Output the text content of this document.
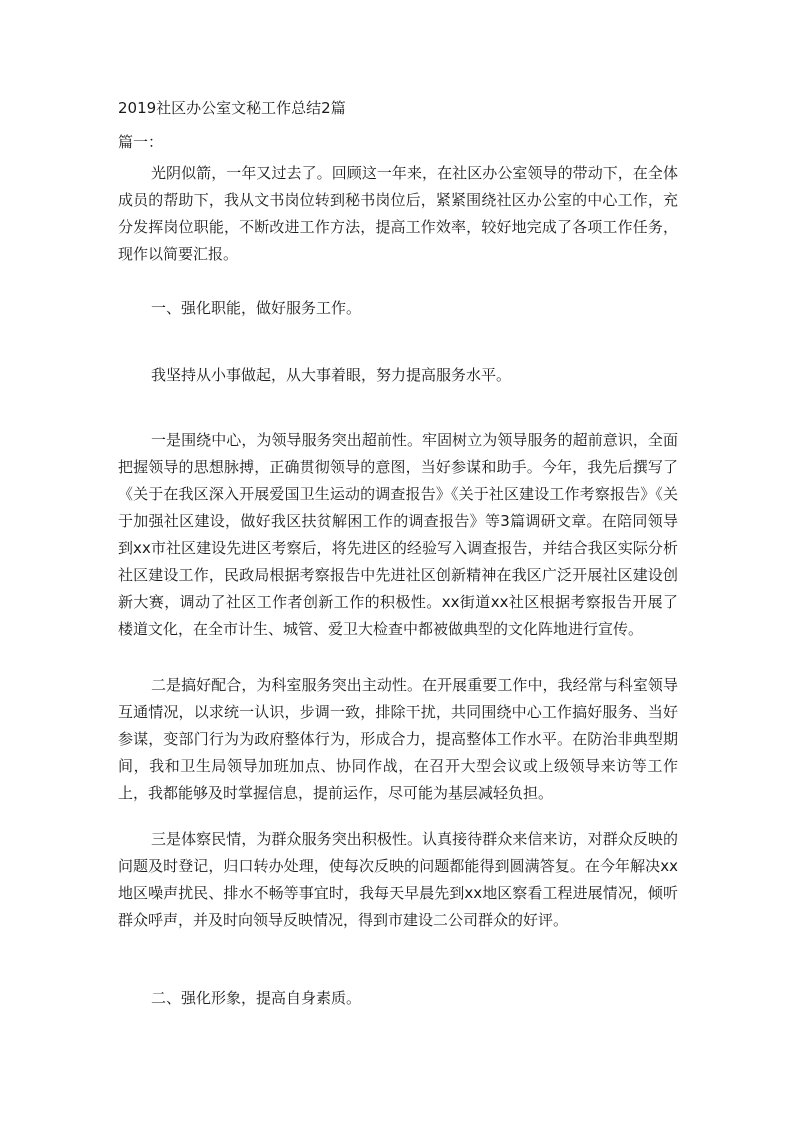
2019社区办公室文秘工作总结2篇
篇一：

光阴似箭，一年又过去了。回顾这一年来，在社区办公室领导的带动下，在全体成员的帮助下，我从文书岗位转到秘书岗位后，紧紧围绕社区办公室的中心工作，充分发挥岗位职能，不断改进工作方法，提高工作效率，较好地完成了各项工作任务，现作以简要汇报。

一、强化职能，做好服务工作。

我坚持从小事做起，从大事着眼，努力提高服务水平。

一是围绕中心，为领导服务突出超前性。牢固树立为领导服务的超前意识，全面把握领导的思想脉搏，正确贯彻领导的意图，当好参谋和助手。今年，我先后撰写了《关于在我区深入开展爱国卫生运动的调查报告》《关于社区建设工作考察报告》《关于加强社区建设，做好我区扶贫解困工作的调查报告》等3篇调研文章。在陪同领导到xx市社区建设先进区考察后，将先进区的经验写入调查报告，并结合我区实际分析社区建设工作，民政局根据考察报告中先进社区创新精神在我区广泛开展社区建设创新大赛，调动了社区工作者创新工作的积极性。xx街道xx社区根据考察报告开展了楼道文化，在全市计生、城管、爱卫大检查中都被做典型的文化阵地进行宣传。

二是搞好配合，为科室服务突出主动性。在开展重要工作中，我经常与科室领导互通情况，以求统一认识，步调一致，排除干扰，共同围绕中心工作搞好服务、当好参谋，变部门行为为政府整体行为，形成合力，提高整体工作水平。在防治非典型期间，我和卫生局领导加班加点、协同作战，在召开大型会议或上级领导来访等工作上，我都能够及时掌握信息，提前运作，尽可能为基层减轻负担。

三是体察民情，为群众服务突出积极性。认真接待群众来信来访，对群众反映的问题及时登记，归口转办处理，使每次反映的问题都能得到圆满答复。在今年解决xx地区噪声扰民、排水不畅等事宜时，我每天早晨先到xx地区察看工程进展情况，倾听群众呼声，并及时向领导反映情况，得到市建设二公司群众的好评。

二、强化形象，提高自身素质。
